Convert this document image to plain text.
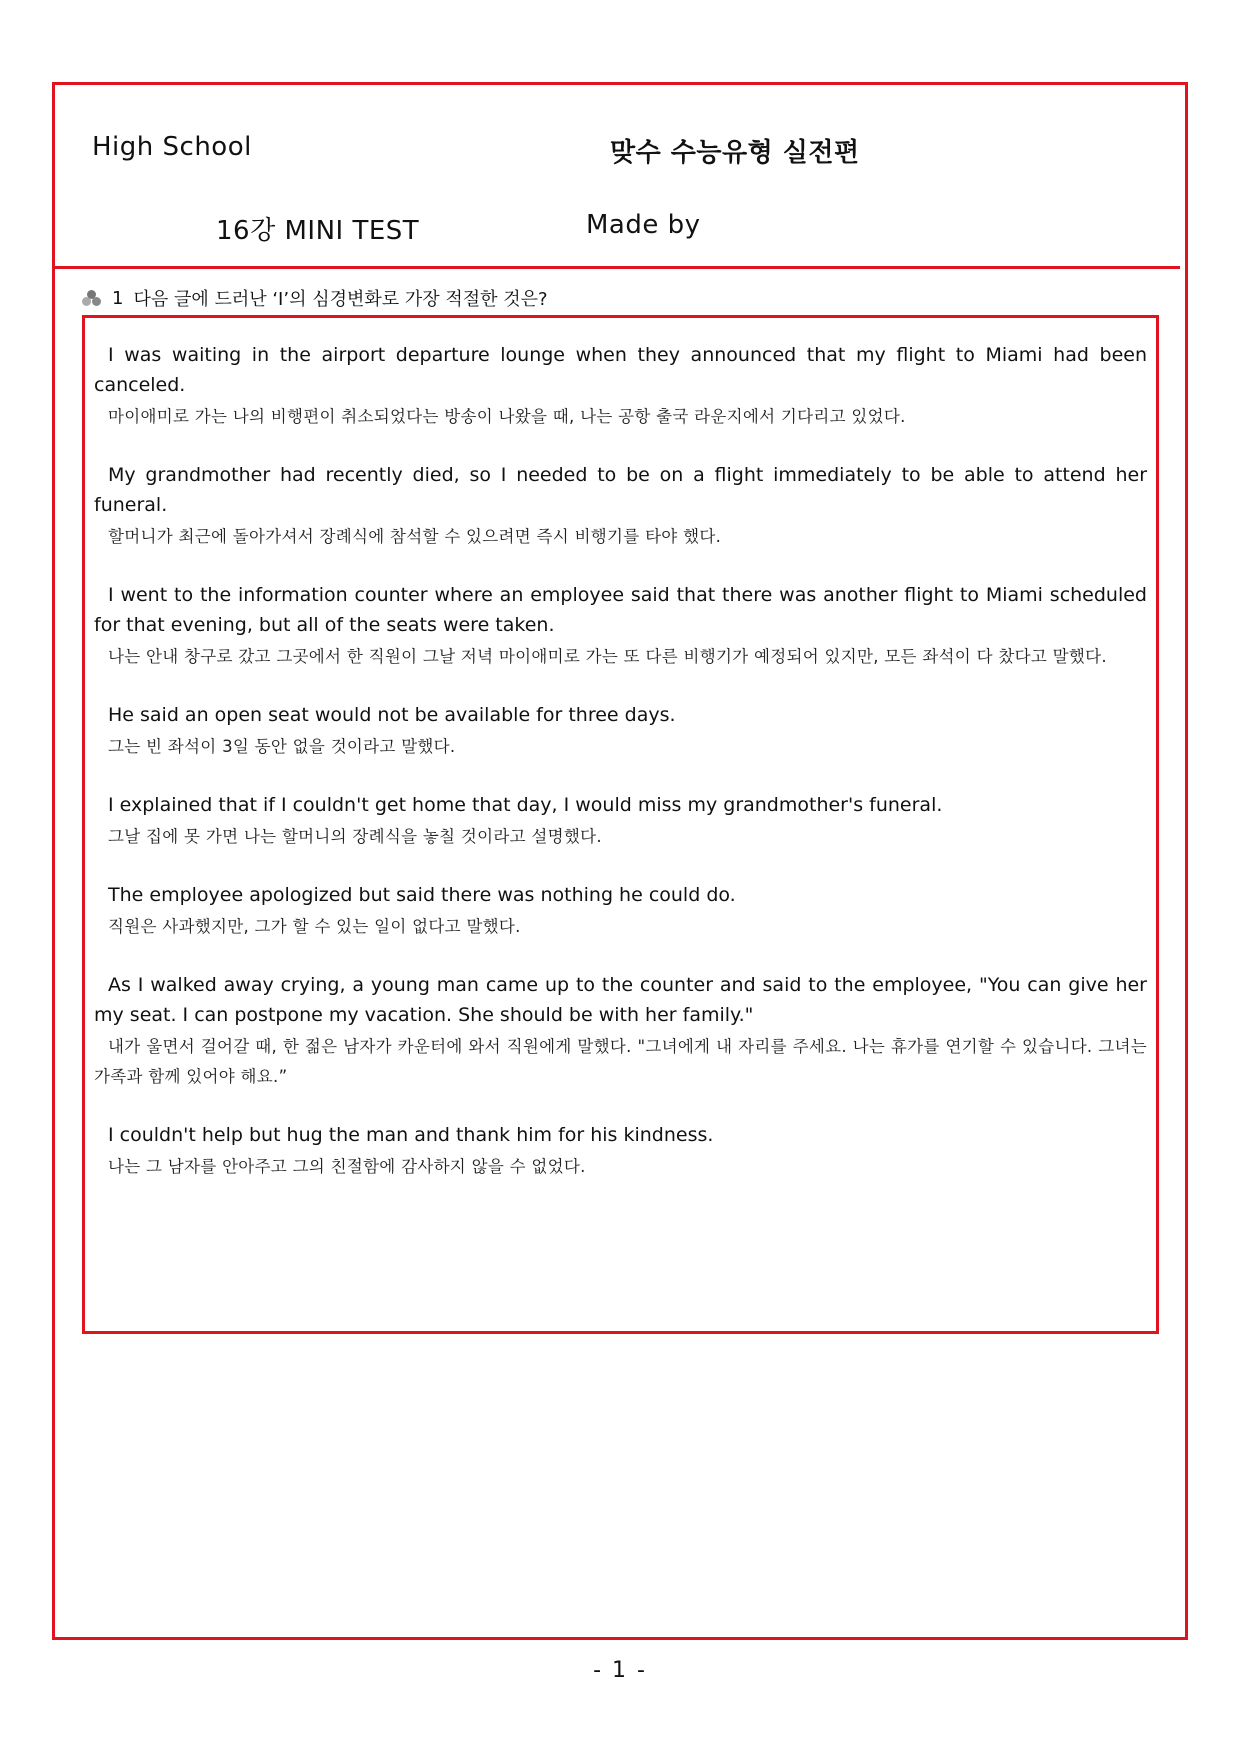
High School	맞수 수능유형 실전편
16강 MINI TEST	Made by
1 다음 글에 드러난 ‘I’의 심경변화로 가장 적절한 것은?

I was waiting in the airport departure lounge when they announced that my flight to Miami had been canceled.

마이애미로 가는 나의 비행편이 취소되었다는 방송이 나왔을 때, 나는 공항 출국 라운지에서 기다리고 있었다.

My grandmother had recently died, so I needed to be on a flight immediately to be able to attend her funeral.

할머니가 최근에 돌아가셔서 장례식에 참석할 수 있으려면 즉시 비행기를 타야 했다.

I went to the information counter where an employee said that there was another flight to Miami scheduled for that evening, but all of the seats were taken.

나는 안내 창구로 갔고 그곳에서 한 직원이 그날 저녁 마이애미로 가는 또 다른 비행기가 예정되어 있지만, 모든 좌석이 다 찼다고 말했다.

He said an open seat would not be available for three days.

그는 빈 좌석이 3일 동안 없을 것이라고 말했다.

I explained that if I couldn't get home that day, I would miss my grandmother's funeral.

그날 집에 못 가면 나는 할머니의 장례식을 놓칠 것이라고 설명했다.

The employee apologized but said there was nothing he could do.

직원은 사과했지만, 그가 할 수 있는 일이 없다고 말했다.

As I walked away crying, a young man came up to the counter and said to the employee, "You can give her my seat. I can postpone my vacation. She should be with her family."

내가 울면서 걸어갈 때, 한 젊은 남자가 카운터에 와서 직원에게 말했다. "그녀에게 내 자리를 주세요. 나는 휴가를 연기할 수 있습니다. 그녀는 가족과 함께 있어야 해요.”

I couldn't help but hug the man and thank him for his kindness.

나는 그 남자를 안아주고 그의 친절함에 감사하지 않을 수 없었다.

- 1 -
